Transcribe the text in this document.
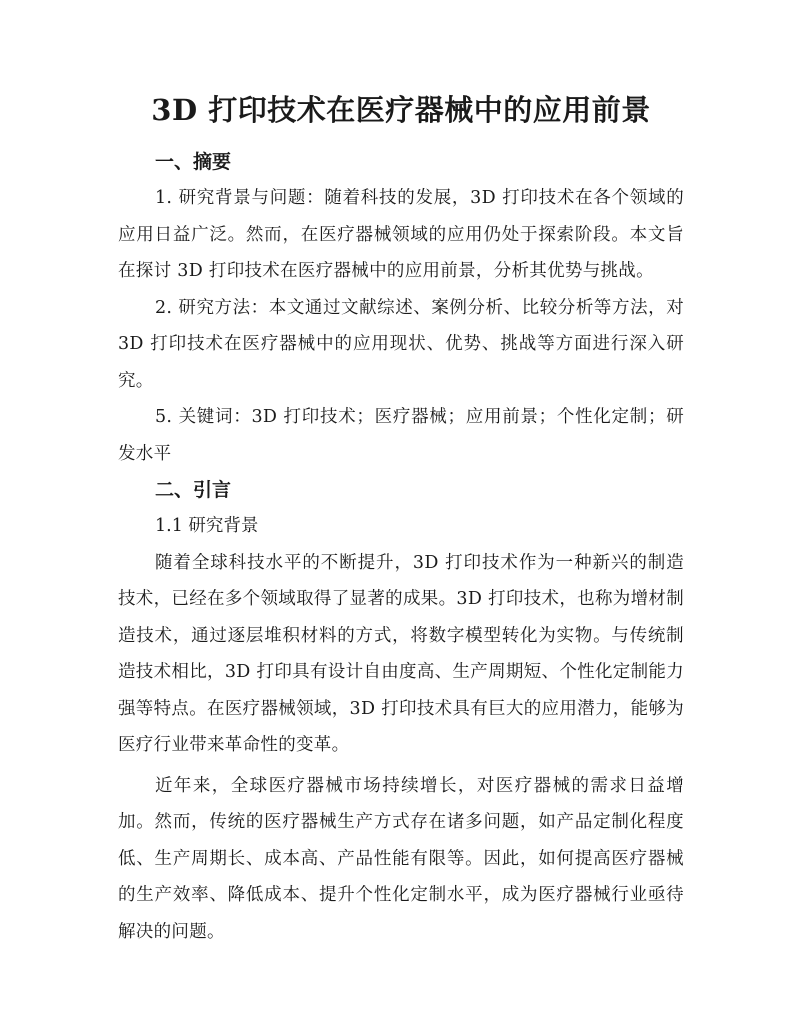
3D 打印技术在医疗器械中的应用前景
一、摘要

1. 研究背景与问题：随着科技的发展，3D 打印技术在各个领域的应用日益广泛。然而，在医疗器械领域的应用仍处于探索阶段。本文旨在探讨 3D 打印技术在医疗器械中的应用前景，分析其优势与挑战。

2. 研究方法：本文通过文献综述、案例分析、比较分析等方法，对 3D 打印技术在医疗器械中的应用现状、优势、挑战等方面进行深入研究。

5. 关键词：3D 打印技术；医疗器械；应用前景；个性化定制；研发水平

二、引言

1.1 研究背景

随着全球科技水平的不断提升，3D 打印技术作为一种新兴的制造技术，已经在多个领域取得了显著的成果。3D 打印技术，也称为增材制造技术，通过逐层堆积材料的方式，将数字模型转化为实物。与传统制造技术相比，3D 打印具有设计自由度高、生产周期短、个性化定制能力强等特点。在医疗器械领域，3D 打印技术具有巨大的应用潜力，能够为医疗行业带来革命性的变革。

近年来，全球医疗器械市场持续增长，对医疗器械的需求日益增加。然而，传统的医疗器械生产方式存在诸多问题，如产品定制化程度低、生产周期长、成本高、产品性能有限等。因此，如何提高医疗器械的生产效率、降低成本、提升个性化定制水平，成为医疗器械行业亟待解决的问题。
